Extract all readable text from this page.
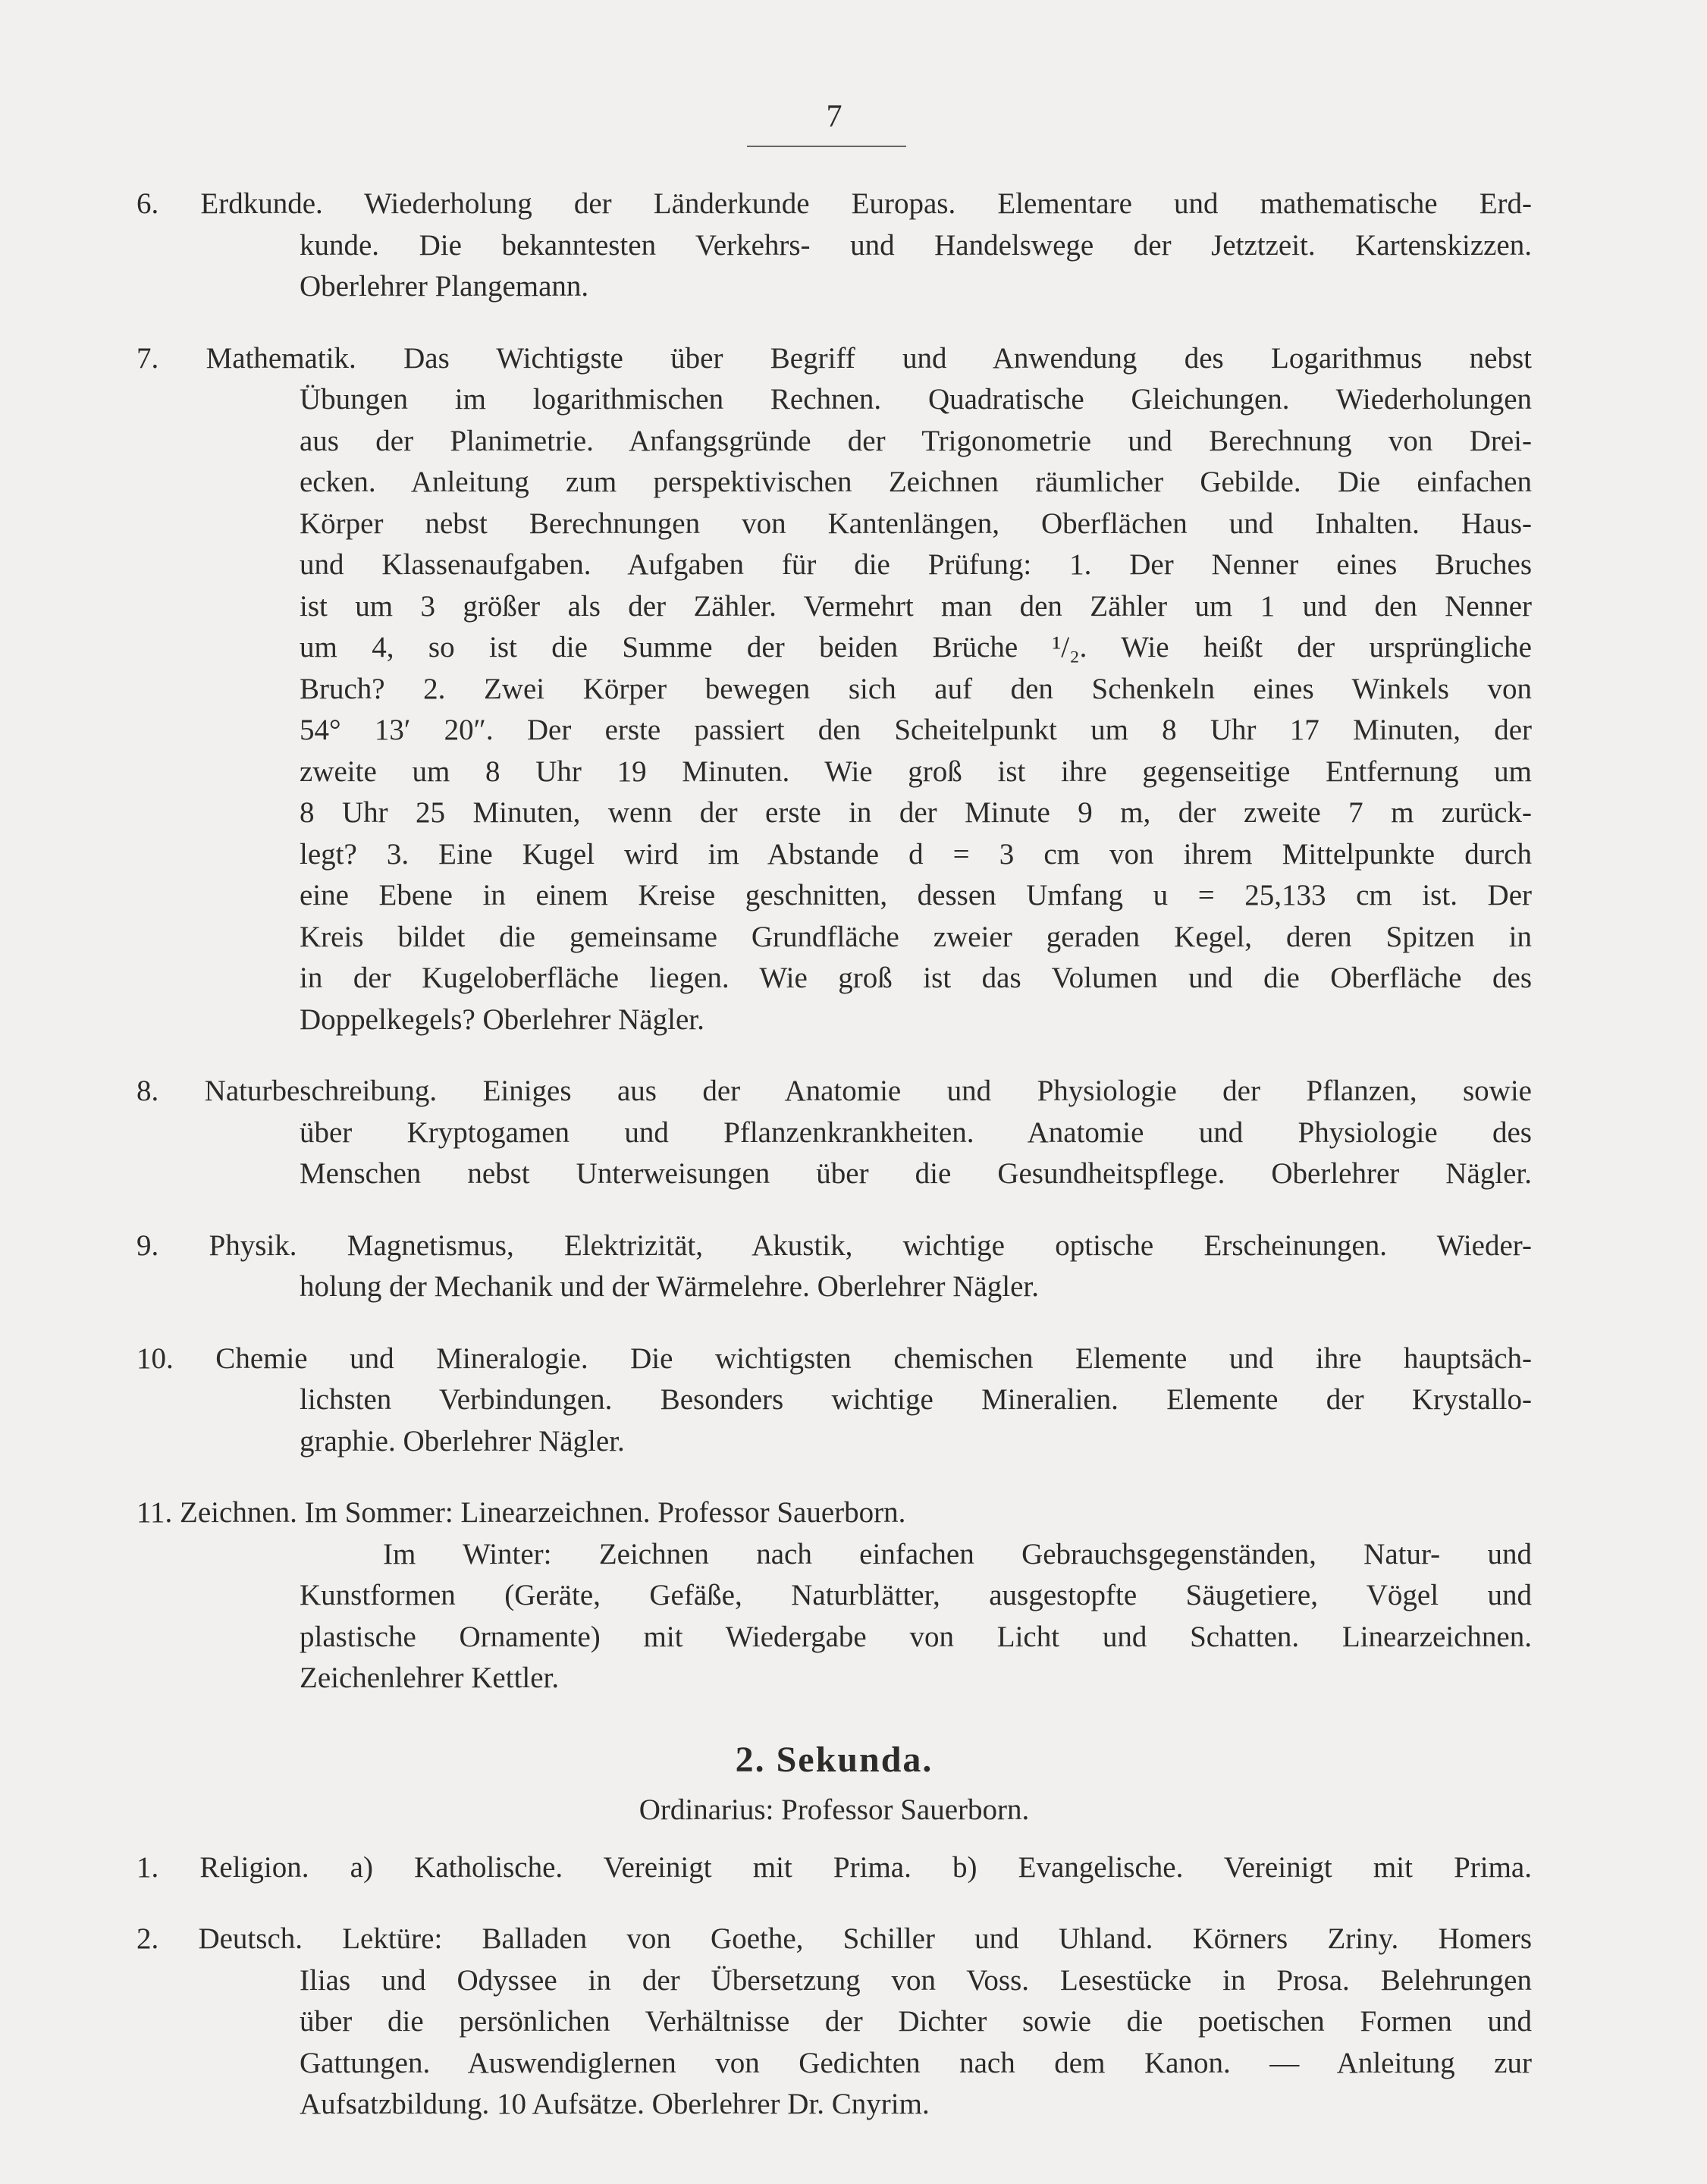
7
6. Erdkunde. Wiederholung der Länderkunde Europas. Elementare und mathematische Erd-
kunde. Die bekanntesten Verkehrs- und Handelswege der Jetztzeit. Kartenskizzen.
Oberlehrer Plangemann.
7. Mathematik. Das Wichtigste über Begriff und Anwendung des Logarithmus nebst
Übungen im logarithmischen Rechnen. Quadratische Gleichungen. Wiederholungen
aus der Planimetrie. Anfangsgründe der Trigonometrie und Berechnung von Drei-
ecken. Anleitung zum perspektivischen Zeichnen räumlicher Gebilde. Die einfachen
Körper nebst Berechnungen von Kantenlängen, Oberflächen und Inhalten. Haus-
und Klassenaufgaben. Aufgaben für die Prüfung: 1. Der Nenner eines Bruches
ist um 3 größer als der Zähler. Vermehrt man den Zähler um 1 und den Nenner
um 4, so ist die Summe der beiden Brüche ¹/₂. Wie heißt der ursprüngliche
Bruch? 2. Zwei Körper bewegen sich auf den Schenkeln eines Winkels von
54° 13′ 20″. Der erste passiert den Scheitelpunkt um 8 Uhr 17 Minuten, der
zweite um 8 Uhr 19 Minuten. Wie groß ist ihre gegenseitige Entfernung um
8 Uhr 25 Minuten, wenn der erste in der Minute 9 m, der zweite 7 m zurück-
legt? 3. Eine Kugel wird im Abstande d = 3 cm von ihrem Mittelpunkte durch
eine Ebene in einem Kreise geschnitten, dessen Umfang u = 25,133 cm ist. Der
Kreis bildet die gemeinsame Grundfläche zweier geraden Kegel, deren Spitzen in
in der Kugeloberfläche liegen. Wie groß ist das Volumen und die Oberfläche des
Doppelkegels? Oberlehrer Nägler.
8. Naturbeschreibung. Einiges aus der Anatomie und Physiologie der Pflanzen, sowie
über Kryptogamen und Pflanzenkrankheiten. Anatomie und Physiologie des
Menschen nebst Unterweisungen über die Gesundheitspflege. Oberlehrer Nägler.
9. Physik. Magnetismus, Elektrizität, Akustik, wichtige optische Erscheinungen. Wieder-
holung der Mechanik und der Wärmelehre. Oberlehrer Nägler.
10. Chemie und Mineralogie. Die wichtigsten chemischen Elemente und ihre hauptsäch-
lichsten Verbindungen. Besonders wichtige Mineralien. Elemente der Krystallo-
graphie. Oberlehrer Nägler.
11. Zeichnen. Im Sommer: Linearzeichnen. Professor Sauerborn.
Im Winter: Zeichnen nach einfachen Gebrauchsgegenständen, Natur- und
Kunstformen (Geräte, Gefäße, Naturblätter, ausgestopfte Säugetiere, Vögel und
plastische Ornamente) mit Wiedergabe von Licht und Schatten. Linearzeichnen.
Zeichenlehrer Kettler.
2. Sekunda.
Ordinarius: Professor Sauerborn.
1. Religion. a) Katholische. Vereinigt mit Prima. b) Evangelische. Vereinigt mit Prima.
2. Deutsch. Lektüre: Balladen von Goethe, Schiller und Uhland. Körners Zriny. Homers
Ilias und Odyssee in der Übersetzung von Voss. Lesestücke in Prosa. Belehrungen
über die persönlichen Verhältnisse der Dichter sowie die poetischen Formen und
Gattungen. Auswendiglernen von Gedichten nach dem Kanon. — Anleitung zur
Aufsatzbildung. 10 Aufsätze. Oberlehrer Dr. Cnyrim.
